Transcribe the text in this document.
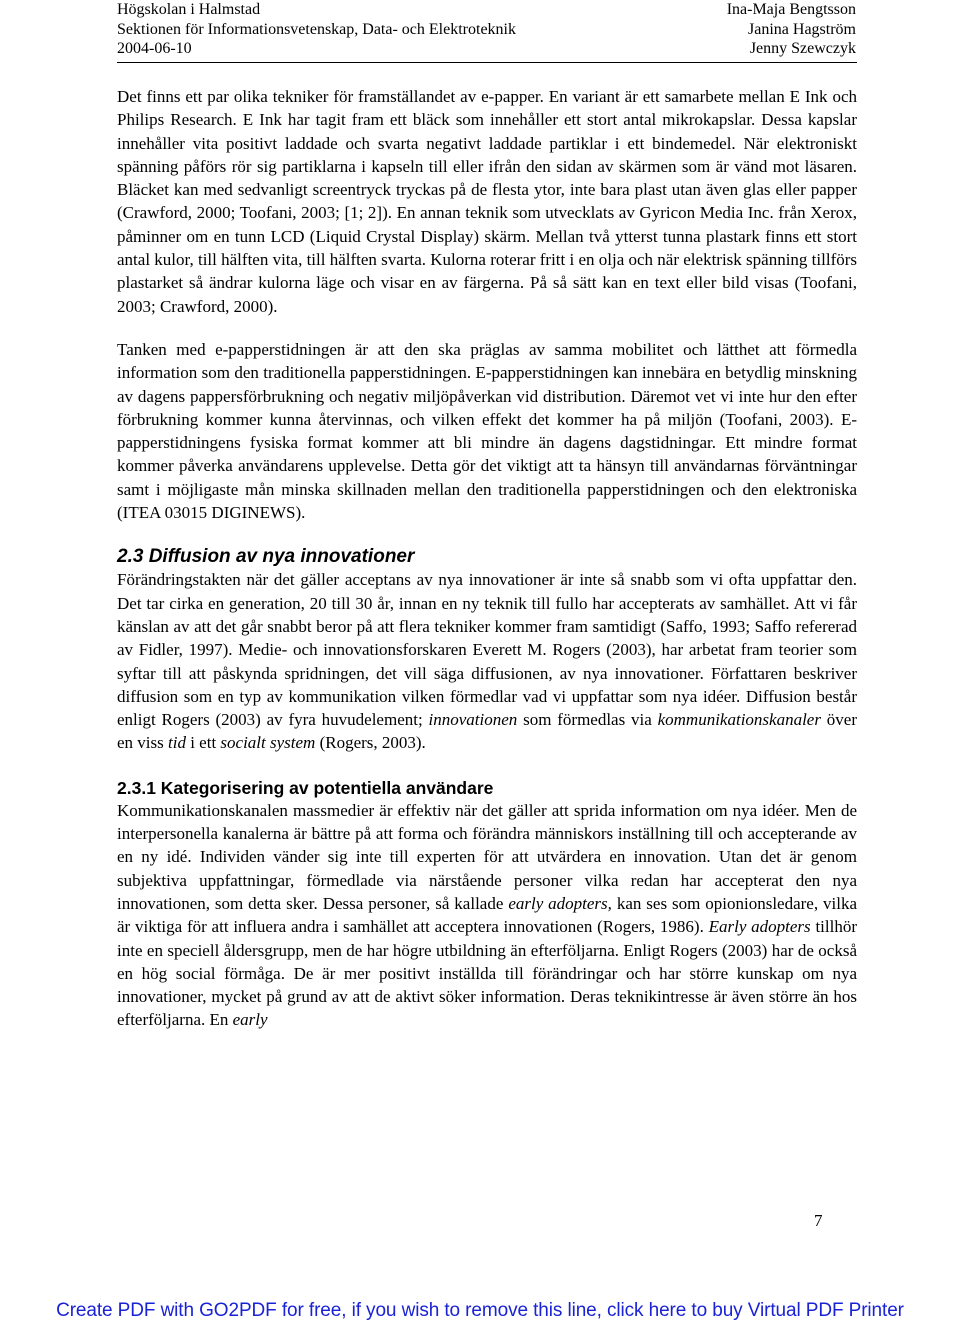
Högskolan i Halmstad
Sektionen för Informationsvetenskap, Data- och Elektroteknik
2004-06-10
Ina-Maja Bengtsson
Janina Hagström
Jenny Szewczyk

Det finns ett par olika tekniker för framställandet av e-papper. En variant är ett samarbete mellan E Ink och Philips Research. E Ink har tagit fram ett bläck som innehåller ett stort antal mikrokapslar. Dessa kapslar innehåller vita positivt laddade och svarta negativt laddade partiklar i ett bindemedel. När elektroniskt spänning påförs rör sig partiklarna i kapseln till eller ifrån den sidan av skärmen som är vänd mot läsaren. Bläcket kan med sedvanligt screentryck tryckas på de flesta ytor, inte bara plast utan även glas eller papper (Crawford, 2000; Toofani, 2003; [1; 2]). En annan teknik som utvecklats av Gyricon Media Inc. från Xerox, påminner om en tunn LCD (Liquid Crystal Display) skärm. Mellan två ytterst tunna plastark finns ett stort antal kulor, till hälften vita, till hälften svarta. Kulorna roterar fritt i en olja och när elektrisk spänning tillförs plastarket så ändrar kulorna läge och visar en av färgerna. På så sätt kan en text eller bild visas (Toofani, 2003; Crawford, 2000).

Tanken med e-papperstidningen är att den ska präglas av samma mobilitet och lätthet att förmedla information som den traditionella papperstidningen. E-papperstidningen kan innebära en betydlig minskning av dagens pappersförbrukning och negativ miljöpåverkan vid distribution. Däremot vet vi inte hur den efter förbrukning kommer kunna återvinnas, och vilken effekt det kommer ha på miljön (Toofani, 2003). E-papperstidningens fysiska format kommer att bli mindre än dagens dagstidningar. Ett mindre format kommer påverka användarens upplevelse. Detta gör det viktigt att ta hänsyn till användarnas förväntningar samt i möjligaste mån minska skillnaden mellan den traditionella papperstidningen och den elektroniska (ITEA 03015 DIGINEWS).

2.3 Diffusion av nya innovationer

Förändringstakten när det gäller acceptans av nya innovationer är inte så snabb som vi ofta uppfattar den. Det tar cirka en generation, 20 till 30 år, innan en ny teknik till fullo har accepterats av samhället. Att vi får känslan av att det går snabbt beror på att flera tekniker kommer fram samtidigt (Saffo, 1993; Saffo refererad av Fidler, 1997). Medie- och innovationsforskaren Everett M. Rogers (2003), har arbetat fram teorier som syftar till att påskynda spridningen, det vill säga diffusionen, av nya innovationer. Författaren beskriver diffusion som en typ av kommunikation vilken förmedlar vad vi uppfattar som nya idéer. Diffusion består enligt Rogers (2003) av fyra huvudelement; innovationen som förmedlas via kommunikationskanaler över en viss tid i ett socialt system (Rogers, 2003).

2.3.1 Kategorisering av potentiella användare

Kommunikationskanalen massmedier är effektiv när det gäller att sprida information om nya idéer. Men de interpersonella kanalerna är bättre på att forma och förändra människors inställning till och accepterande av en ny idé. Individen vänder sig inte till experten för att utvärdera en innovation. Utan det är genom subjektiva uppfattningar, förmedlade via närstående personer vilka redan har accepterat den nya innovationen, som detta sker. Dessa personer, så kallade early adopters, kan ses som opionionsledare, vilka är viktiga för att influera andra i samhället att acceptera innovationen (Rogers, 1986). Early adopters tillhör inte en speciell åldersgrupp, men de har högre utbildning än efterföljarna. Enligt Rogers (2003) har de också en hög social förmåga. De är mer positivt inställda till förändringar och har större kunskap om nya innovationer, mycket på grund av att de aktivt söker information. Deras teknikintresse är även större än hos efterföljarna. En early

7
Create PDF with GO2PDF for free, if you wish to remove this line, click here to buy Virtual PDF Printer
